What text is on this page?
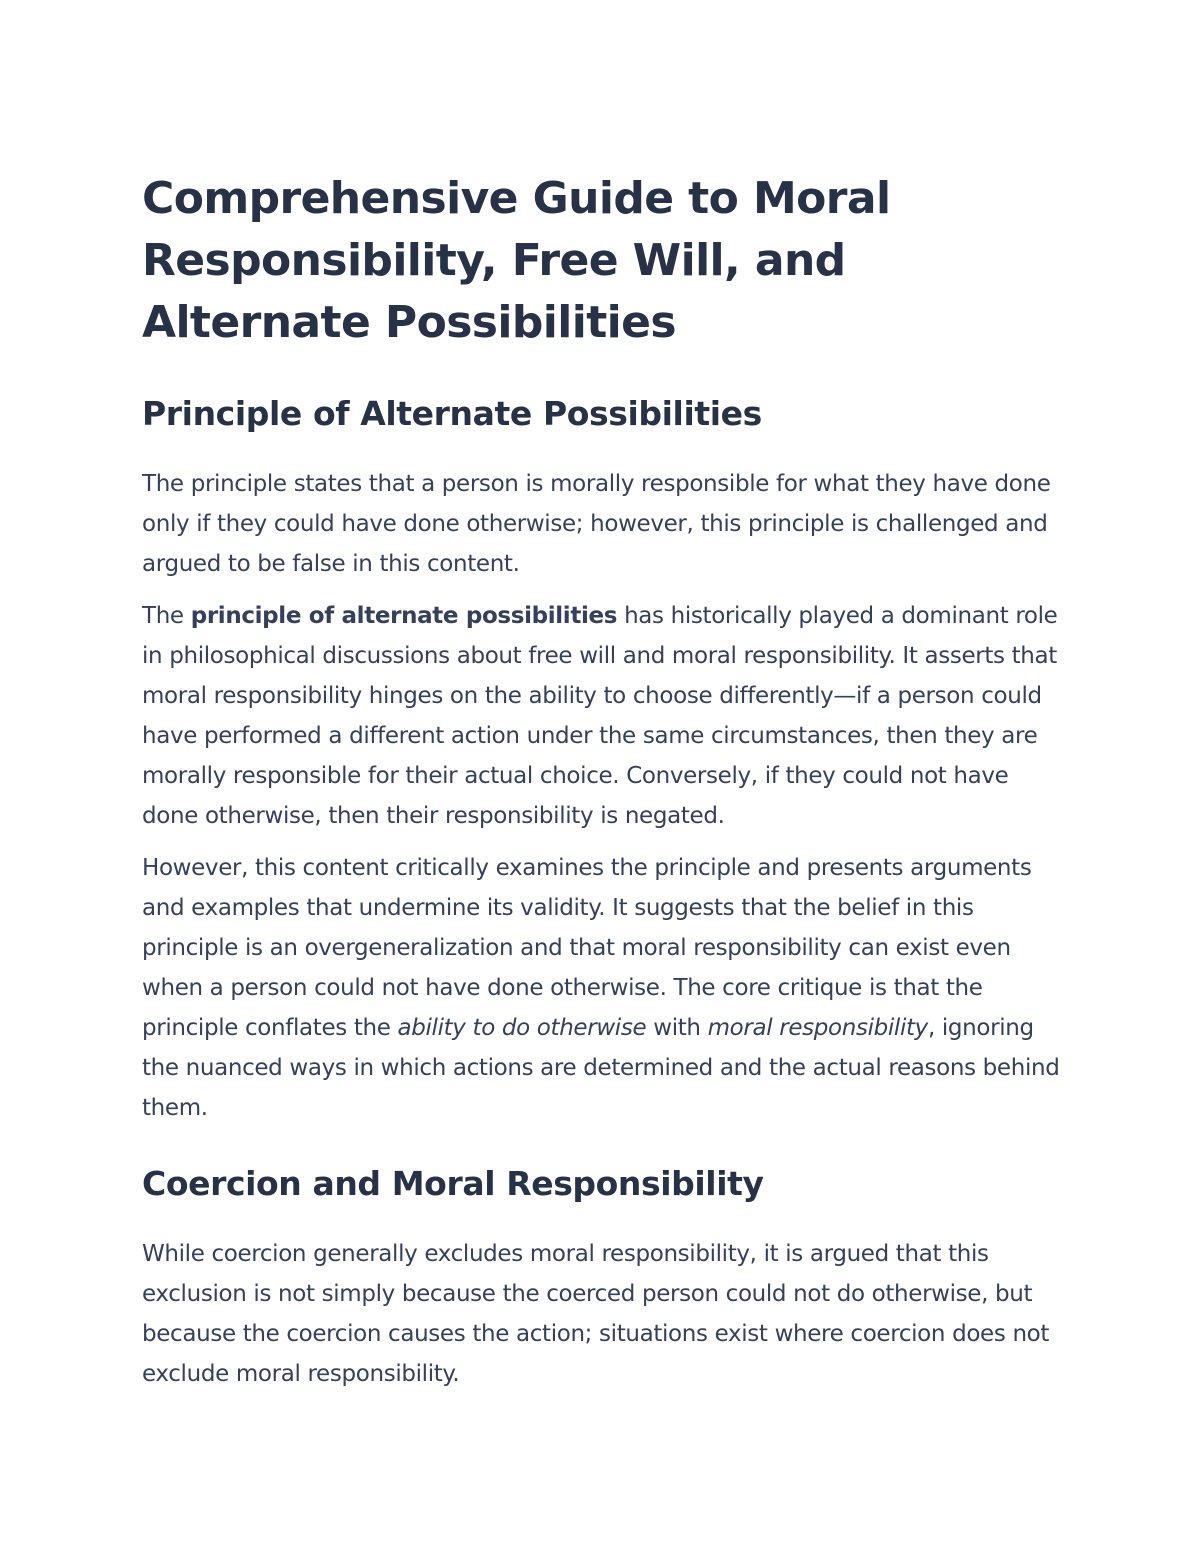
Comprehensive Guide to Moral Responsibility, Free Will, and Alternate Possibilities
Principle of Alternate Possibilities

The principle states that a person is morally responsible for what they have done only if they could have done otherwise; however, this principle is challenged and argued to be false in this content.

The principle of alternate possibilities has historically played a dominant role in philosophical discussions about free will and moral responsibility. It asserts that moral responsibility hinges on the ability to choose differently—if a person could have performed a different action under the same circumstances, then they are morally responsible for their actual choice. Conversely, if they could not have done otherwise, then their responsibility is negated.

However, this content critically examines the principle and presents arguments and examples that undermine its validity. It suggests that the belief in this principle is an overgeneralization and that moral responsibility can exist even when a person could not have done otherwise. The core critique is that the principle conflates the ability to do otherwise with moral responsibility, ignoring the nuanced ways in which actions are determined and the actual reasons behind them.

Coercion and Moral Responsibility

While coercion generally excludes moral responsibility, it is argued that this exclusion is not simply because the coerced person could not do otherwise, but because the coercion causes the action; situations exist where coercion does not exclude moral responsibility.
